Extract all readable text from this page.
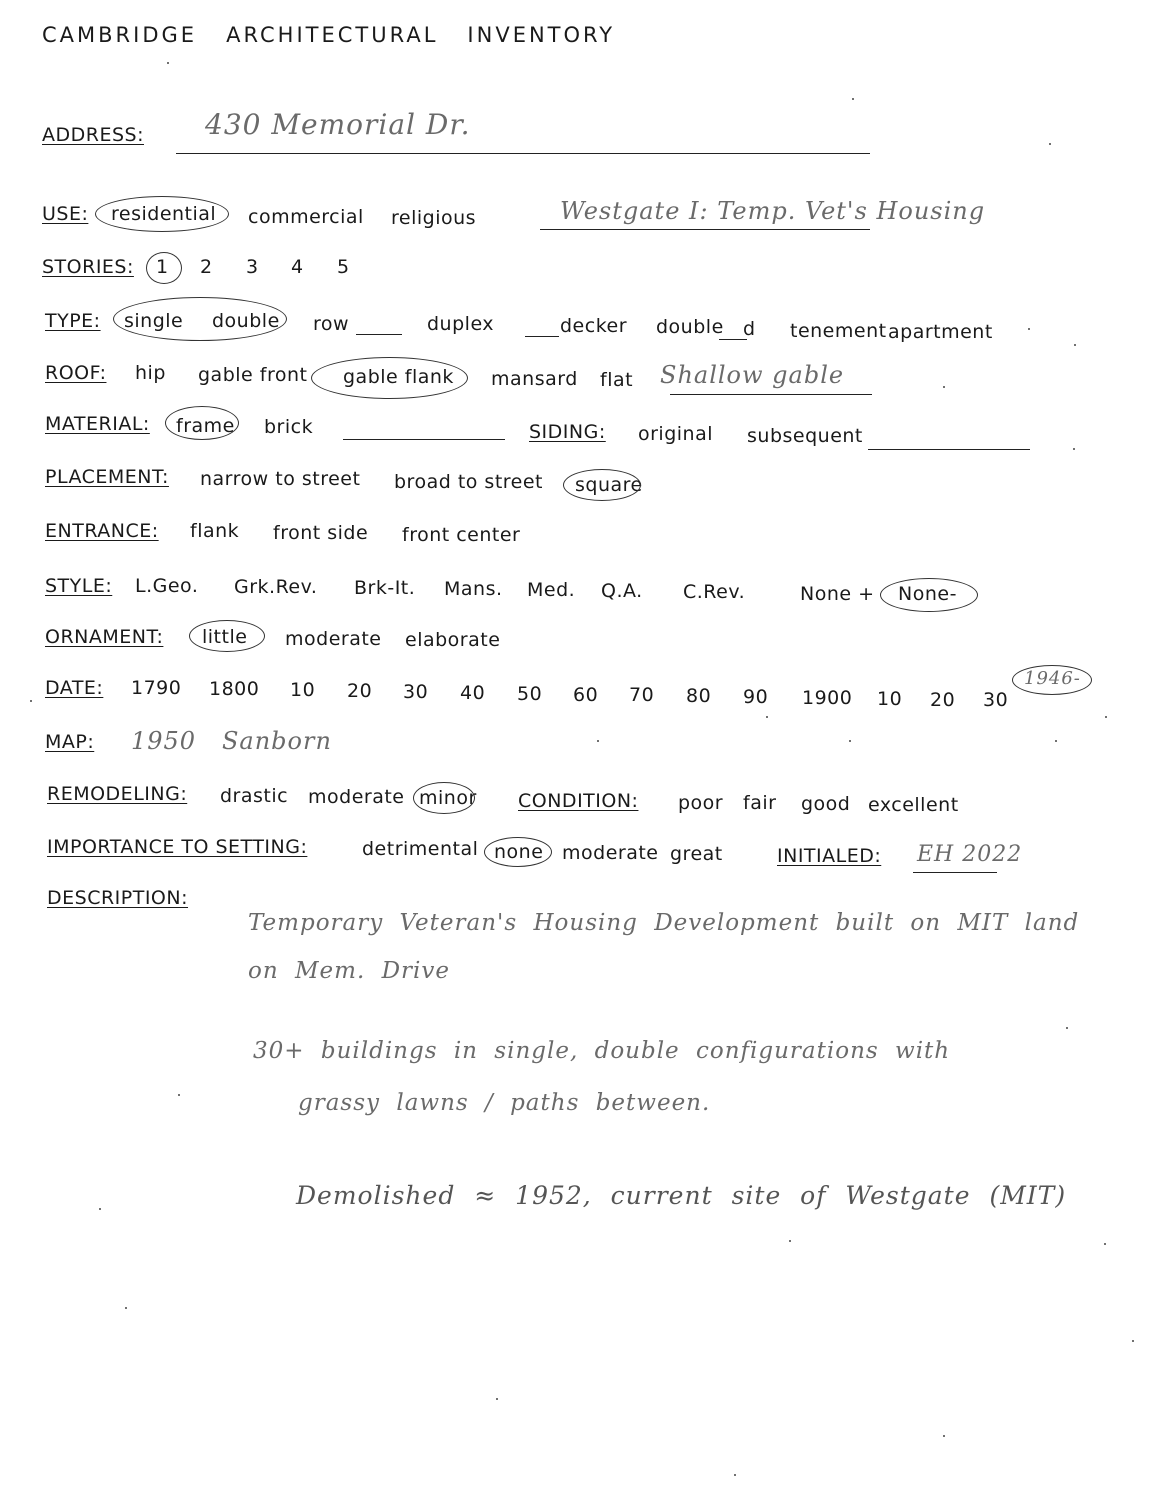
CAMBRIDGE   ARCHITECTURAL   INVENTORY
ADDRESS: 430 Memorial Dr.
USE: residential commercial religious	Westgate I: Temp. Vet's Housing
STORIES: 1 2 3 4 5
TYPE: single double row	duplex	decker double d tenement apartment
ROOF: hip gable front gable flank mansard flat Shallow gable
MATERIAL: frame brick	SIDING: original subsequent
PLACEMENT: narrow to street broad to street square
ENTRANCE: flank front side front center
STYLE: L.Geo. Grk.Rev. Brk-It. Mans. Med. Q.A. C.Rev.	None + None-
ORNAMENT: little moderate elaborate
DATE: 1790 1800 10 20 30 40 50 60 70 80 90 1900 10 20 30
1946-
MAP: 1950   Sanborn
REMODELING: drastic moderate minor CONDITION: poor fair good excellent
IMPORTANCE TO SETTING:	detrimental none moderate great	INITIALED: EH 2022
DESCRIPTION:
Temporary Veteran's Housing Development built on MIT land
on Mem. Drive
30+ buildings in single, double configurations with
grassy lawns / paths between.
Demolished ≈ 1952, current site of Westgate (MIT)
